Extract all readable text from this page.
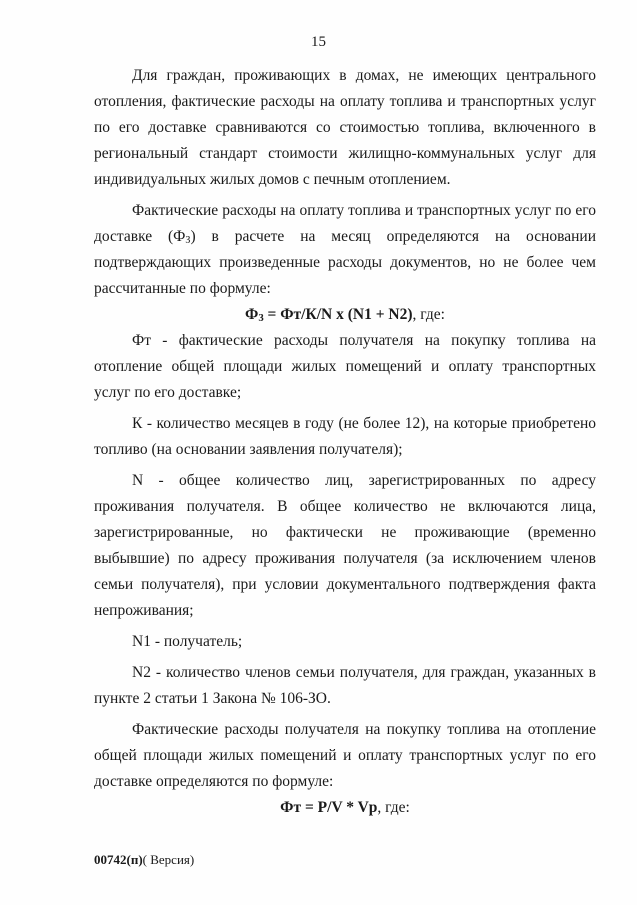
15

Для граждан, проживающих в домах, не имеющих центрального отопления, фактические расходы на оплату топлива и транспортных услуг по его доставке сравниваются со стоимостью топлива, включенного в региональный стандарт стоимости жилищно-коммунальных услуг для индивидуальных жилых домов с печным отоплением.

Фактические расходы на оплату топлива и транспортных услуг по его доставке $(Ф_З)$ в расчете на месяц определяются на основании подтверждающих произведенные расходы документов, но не более чем рассчитанные по формуле:

$Ф_З = Фт/К/N$ x (N1 + N2), где:

Фт - фактические расходы получателя на покупку топлива на отопление общей площади жилых помещений и оплату транспортных услуг по его доставке;

К - количество месяцев в году (не более 12), на которые приобретено топливо (на основании заявления получателя);

N - общее количество лиц, зарегистрированных по адресу проживания получателя. В общее количество не включаются лица, зарегистрированные, но фактически не проживающие (временно выбывшие) по адресу проживания получателя (за исключением членов семьи получателя), при условии документального подтверждения факта непроживания;

N1 - получатель;

N2 - количество членов семьи получателя, для граждан, указанных в пункте 2 статьи 1 Закона № 106-ЗО.

Фактические расходы получателя на покупку топлива на отопление общей площади жилых помещений и оплату транспортных услуг по его доставке определяются по формуле:

Фт = P/V * Vр, где:

00742(п)( Версия)
